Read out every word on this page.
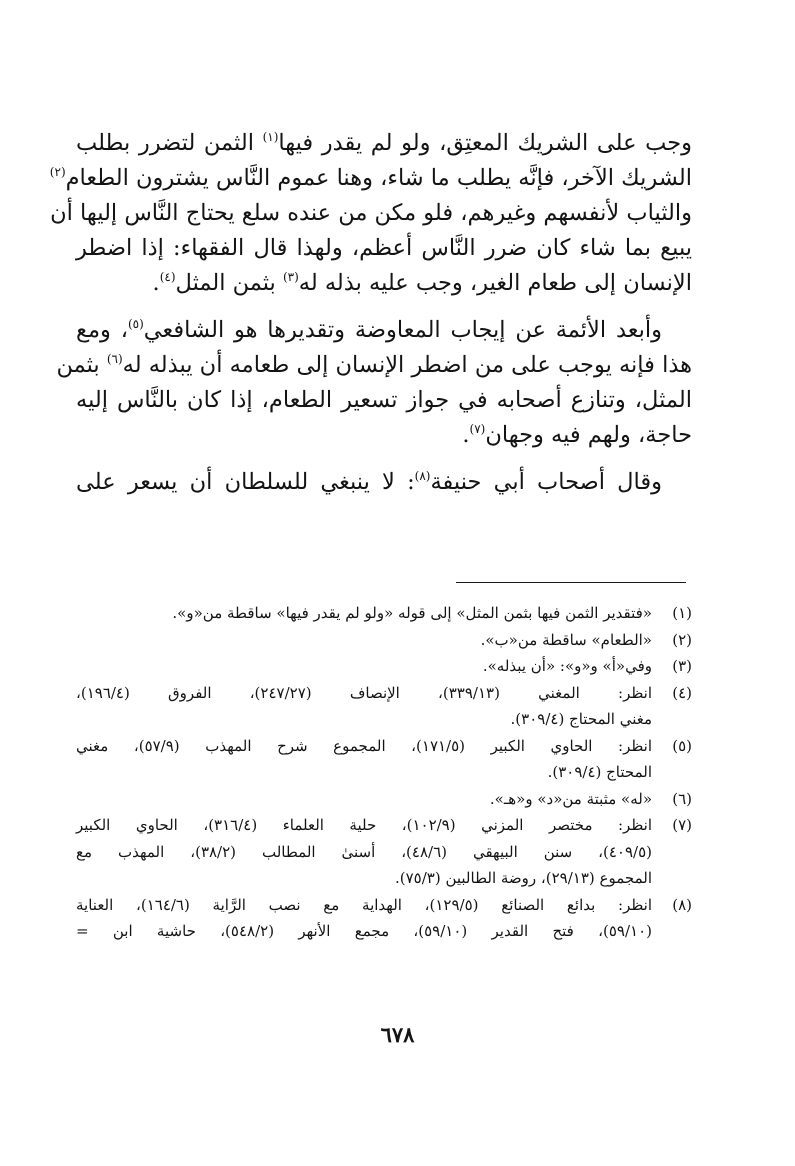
وجب على الشريك المعتِق، ولو لم يقدر فيها$^{(١)}$ الثمن لتضرر بطلب
الشريك الآخر، فإنَّه يطلب ما شاء، وهنا عموم النَّاس يشترون الطعام$^{(٢)}$
والثياب لأنفسهم وغيرهم، فلو مكن من عنده سلع يحتاج النَّاس إليها أن
يبيع بما شاء كان ضرر النَّاس أعظم، ولهذا قال الفقهاء: إذا اضطر
الإنسان إلى طعام الغير، وجب عليه بذله له$^{(٣)}$ بثمن المثل$^{(٤)}$.

وأبعد الأئمة عن إيجاب المعاوضة وتقديرها هو الشافعي$^{(٥)}$، ومع
هذا فإنه يوجب على من اضطر الإنسان إلى طعامه أن يبذله له$^{(٦)}$ بثمن
المثل، وتنازع أصحابه في جواز تسعير الطعام، إذا كان بالنَّاس إليه
حاجة، ولهم فيه وجهان$^{(٧)}$.

وقال أصحاب أبي حنيفة$^{(٨)}$: لا ينبغي للسلطان أن يسعر على

(١)
«فتقدير الثمن فيها بثمن المثل» إلى قوله «ولو لم يقدر فيها» ساقطة من«و».
(٢)
«الطعام» ساقطة من«ب».
(٣)
وفي«أ» و«و»: «أن يبذله».
(٤)
انظر: المغني (٣٣٩/١٣)، الإنصاف (٢٤٧/٢٧)، الفروق (١٩٦/٤)،
مغني المحتاج (٣٠٩/٤).
(٥)
انظر: الحاوي الكبير (١٧١/٥)، المجموع شرح المهذب (٥٧/٩)، مغني
المحتاج (٣٠٩/٤).
(٦)
«له» مثبتة من«د» و«هـ».
(٧)
انظر: مختصر المزني (١٠٢/٩)، حلية العلماء (٣١٦/٤)، الحاوي الكبير
(٤٠٩/٥)، سنن البيهقي (٤٨/٦)، أسنىٰ المطالب (٣٨/٢)، المهذب مع
المجموع (٢٩/١٣)، روضة الطالبين (٧٥/٣).
(٨)
انظر: بدائع الصنائع (١٢٩/٥)، الهداية مع نصب الرَّاية (١٦٤/٦)، العناية
(٥٩/١٠)، فتح القدير (٥٩/١٠)، مجمع الأنهر (٥٤٨/٢)، حاشية ابن =
٦٧٨
